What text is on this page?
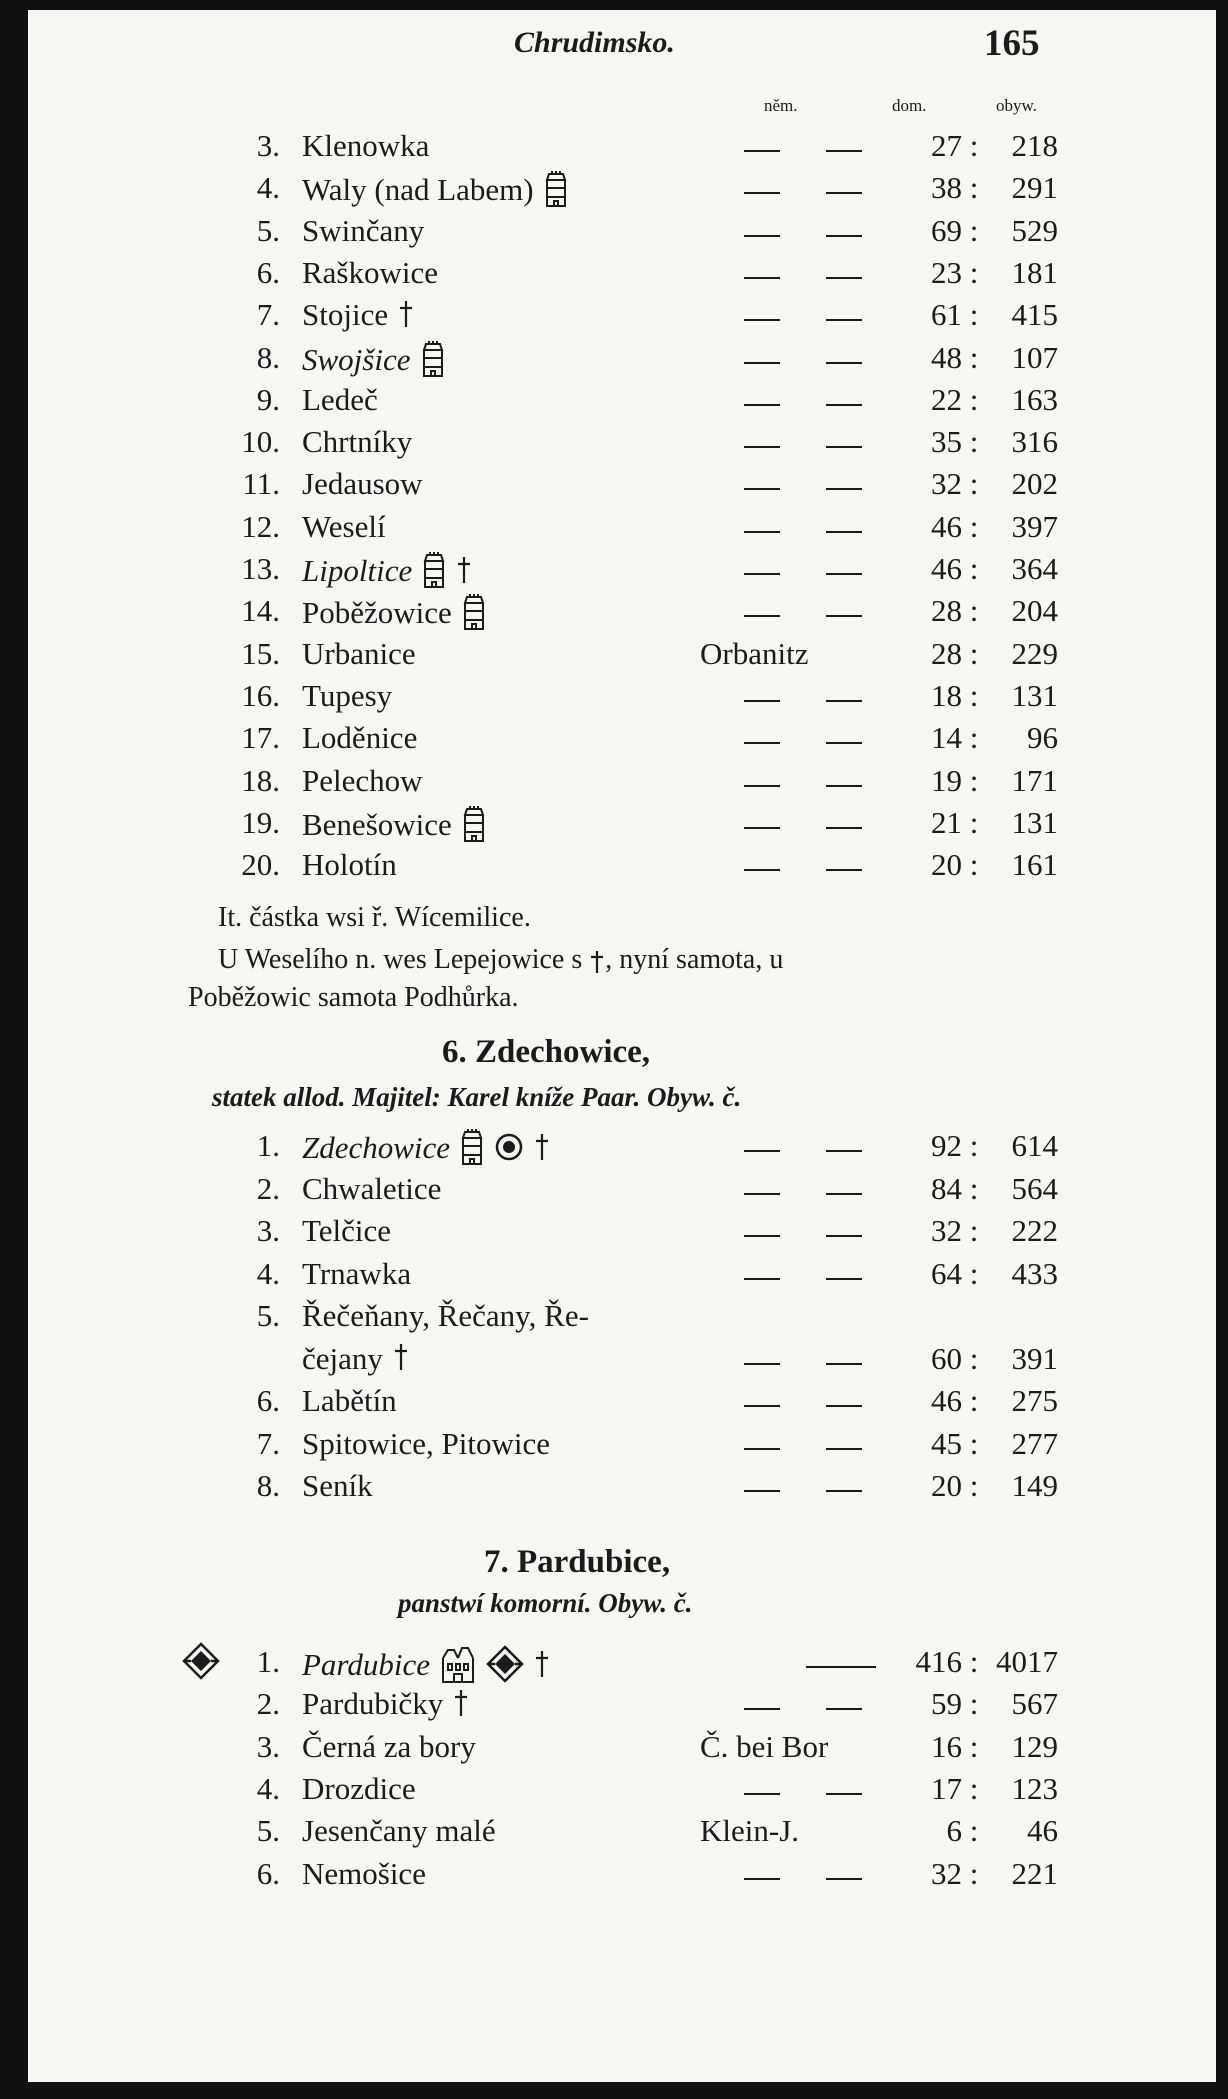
Chrudimsko.	165
něm.	dom.	obyw.
3. Klenowka	27 :	218
4. Waly (nad Labem)	38 :	291
5. Swinčany	69 :	529
6. Raškowice	23 :	181
7. Stojice	61 :	415
8. Swojšice	48 :	107
9. Ledeč	22 :	163
10. Chrtníky	35 :	316
11. Jedausow	32 :	202
12. Weselí	46 :	397
13. Lipoltice	46 :	364
14. Poběžowice	28 :	204
15. Urbanice	Orbanitz	28 :	229
16. Tupesy	18 :	131
17. Loděnice	14 :	96
18. Pelechow	19 :	171
19. Benešowice	21 :	131
20. Holotín	20 :	161
It. částka wsi ř. Wícemilice.
U Weselího n. wes Lepejowice s , nyní samota, u
Poběžowic samota Podhůrka.
6. Zdechowice,
statek allod. Majitel: Karel kníže Paar. Obyw. č.
1. Zdechowice	92 :	614
2. Chwaletice	84 :	564
3. Telčice	32 :	222
4. Trnawka	64 :	433
5. Řečeňany, Řečany, Ře-
čejany	60 :	391
6. Labětín	46 :	275
7. Spitowice, Pitowice	45 :	277
8. Seník	20 :	149
7. Pardubice,
panstwí komorní. Obyw. č.
1. Pardubice	416 : 4017
2. Pardubičky	59 :	567
3. Černá za bory	Č. bei Bor	16 :	129
4. Drozdice	17 :	123
5. Jesenčany malé	Klein-J.	6 :	46
6. Nemošice	32 :	221
